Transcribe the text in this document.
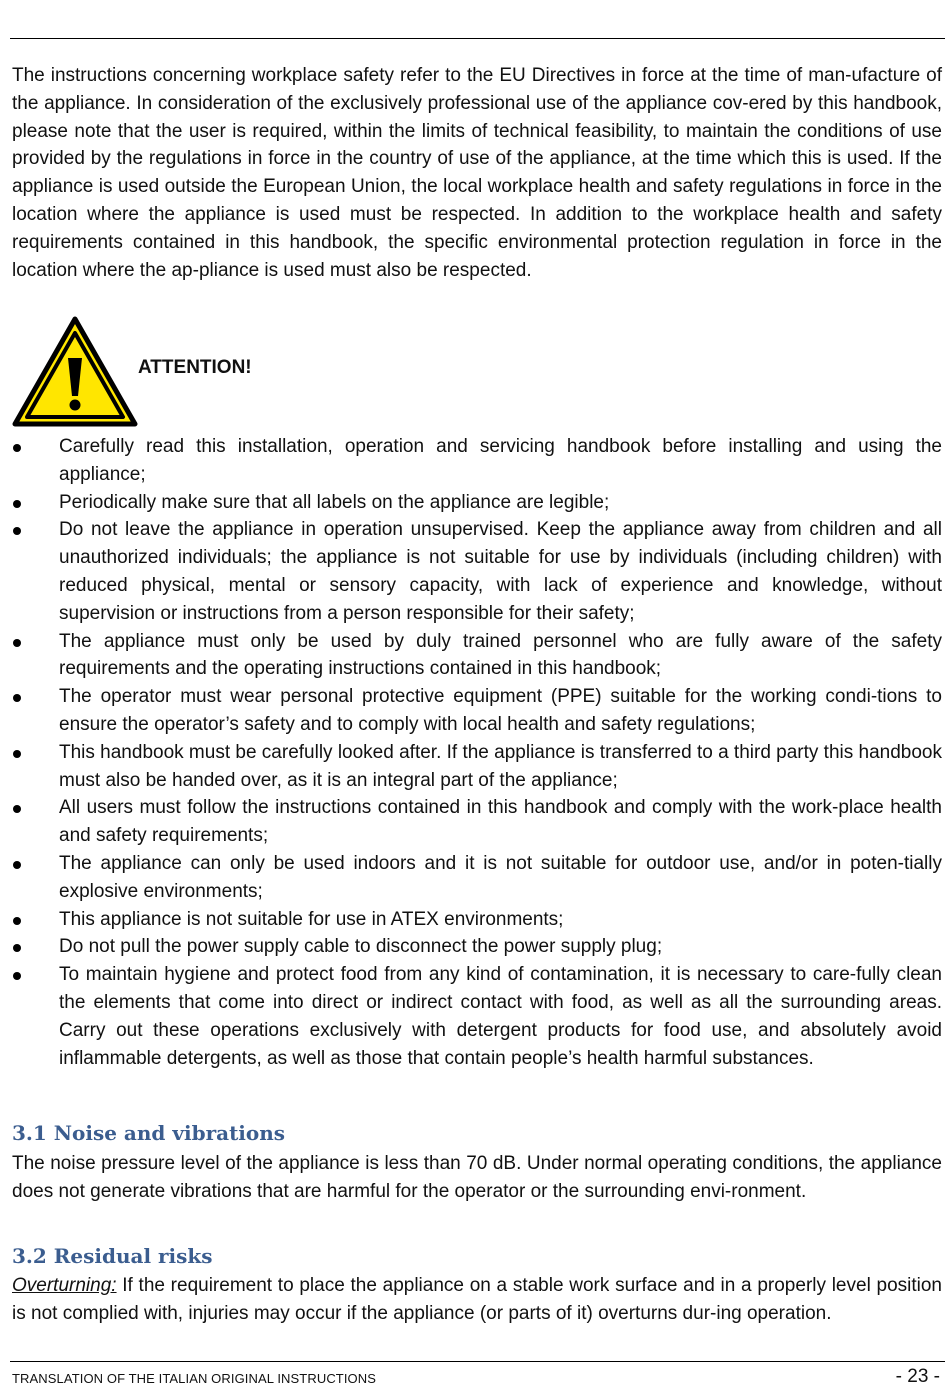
The instructions concerning workplace safety refer to the EU Directives in force at the time of man-ufacture of the appliance. In consideration of the exclusively professional use of the appliance cov-ered by this handbook, please note that the user is required, within the limits of technical feasibility, to maintain the conditions of use provided by the regulations in force in the country of use of the appliance, at the time which this is used. If the appliance is used outside the European Union, the local workplace health and safety regulations in force in the location where the appliance is used must be respected. In addition to the workplace health and safety requirements contained in this handbook, the specific environmental protection regulation in force in the location where the ap-pliance is used must also be respected.

ATTENTION!
Carefully read this installation, operation and servicing handbook before installing and using the appliance;
Periodically make sure that all labels on the appliance are legible;
Do not leave the appliance in operation unsupervised. Keep the appliance away from children and all unauthorized individuals; the appliance is not suitable for use by individuals (including children) with reduced physical, mental or sensory capacity, with lack of experience and knowledge, without supervision or instructions from a person responsible for their safety;
The appliance must only be used by duly trained personnel who are fully aware of the safety requirements and the operating instructions contained in this handbook;
The operator must wear personal protective equipment (PPE) suitable for the working condi-tions to ensure the operator’s safety and to comply with local health and safety regulations;
This handbook must be carefully looked after. If the appliance is transferred to a third party this handbook must also be handed over, as it is an integral part of the appliance;
All users must follow the instructions contained in this handbook and comply with the work-place health and safety requirements;
The appliance can only be used indoors and it is not suitable for outdoor use, and/or in poten-tially explosive environments;
This appliance is not suitable for use in ATEX environments;
Do not pull the power supply cable to disconnect the power supply plug;
To maintain hygiene and protect food from any kind of contamination, it is necessary to care-fully clean the elements that come into direct or indirect contact with food, as well as all the surrounding areas. Carry out these operations exclusively with detergent products for food use, and absolutely avoid inflammable detergents, as well as those that contain people’s health harmful substances.
3.1 Noise and vibrations

The noise pressure level of the appliance is less than 70 dB. Under normal operating conditions, the appliance does not generate vibrations that are harmful for the operator or the surrounding envi-ronment.

3.2 Residual risks

Overturning: If the requirement to place the appliance on a stable work surface and in a properly level position is not complied with, injuries may occur if the appliance (or parts of it) overturns dur-ing operation.

TRANSLATION OF THE ITALIAN ORIGINAL INSTRUCTIONS	- 23 -
